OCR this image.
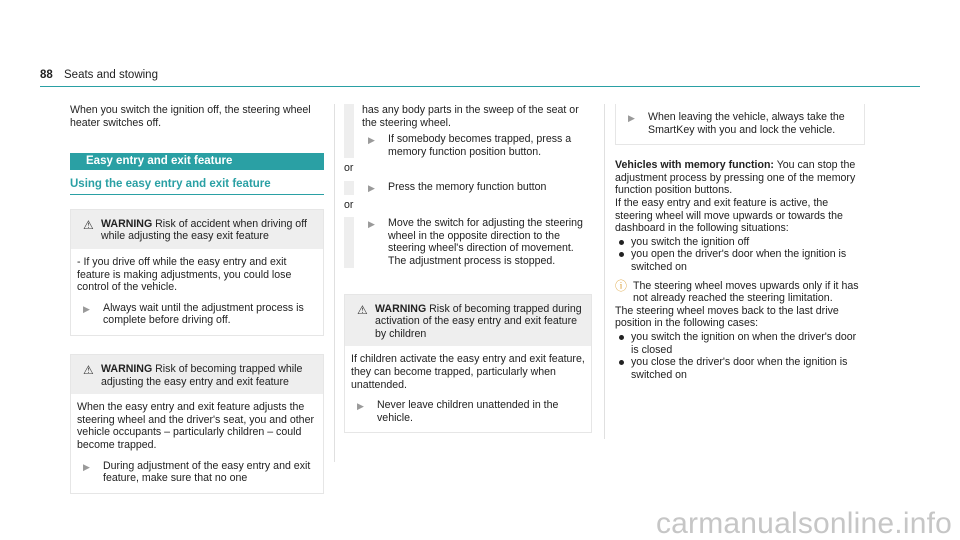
88 Seats and stowing

When you switch the ignition off, the steering wheel heater switches off.

Easy entry and exit feature
Using the easy entry and exit feature
⚠ WARNING Risk of accident when driving off while adjusting the easy exit feature

- If you drive off while the easy entry and exit feature is making adjustments, you could lose control of the vehicle.

▶	Always wait until the adjustment process is complete before driving off.
⚠ WARNING Risk of becoming trapped while adjusting the easy entry and exit feature

When the easy entry and exit feature adjusts the steering wheel and the driver's seat, you and other vehicle occupants – particularly children – could become trapped.

▶	During adjustment of the easy entry and exit feature, make sure that no one

has any body parts in the sweep of the seat or the steering wheel.

▶	If somebody becomes trapped, press a memory function position button.

or

▶	Press the memory function button

or

▶	Move the switch for adjusting the steering wheel in the opposite direction to the steering wheel's direction of movement.
The adjustment process is stopped.
⚠ WARNING Risk of becoming trapped during activation of the easy entry and exit feature by children

If children activate the easy entry and exit feature, they can become trapped, particularly when unattended.

▶	Never leave children unattended in the vehicle.
▶	When leaving the vehicle, always take the SmartKey with you and lock the vehicle.

Vehicles with memory function: You can stop the adjustment process by pressing one of the memory function position buttons.

If the easy entry and exit feature is active, the steering wheel will move upwards or towards the dashboard in the following situations:

you switch the ignition off
you open the driver's door when the ignition is switched on
ⓘ The steering wheel moves upwards only if it has not already reached the steering limitation.

The steering wheel moves back to the last drive position in the following cases:

you switch the ignition on when the driver's door is closed
you close the driver's door when the ignition is switched on
carmanualsonline.info
